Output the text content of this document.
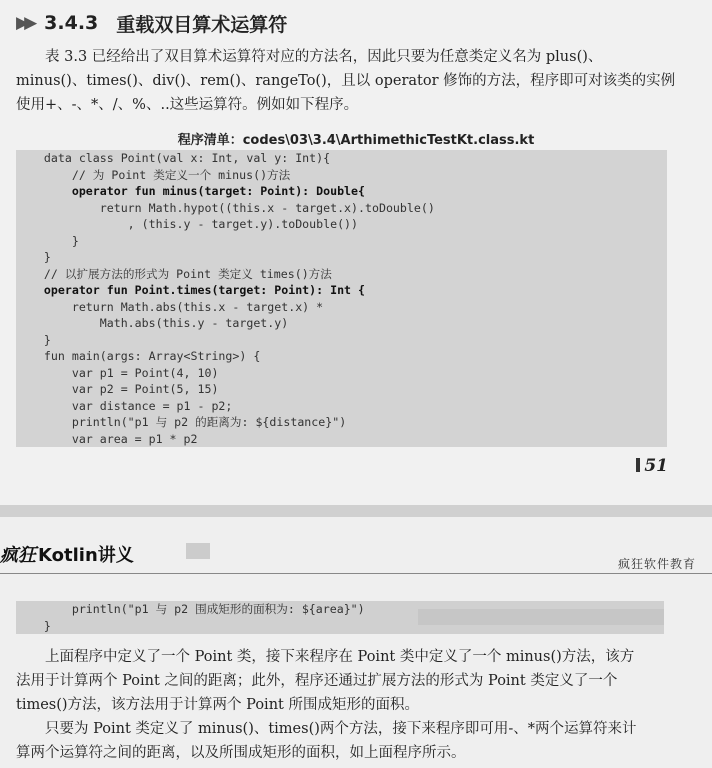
▶▶ 3.4.3 重载双目算术运算符
表 3.3 已经给出了双目算术运算符对应的方法名，因此只要为任意类定义名为 plus()、
minus()、times()、div()、rem()、rangeTo()，且以 operator 修饰的方法，程序即可对该类的实例
使用+、-、*、/、%、..这些运算符。例如如下程序。
程序清单：codes\03\3.4\ArthimethicTestKt.class.kt
data class Point(val x: Int, val y: Int){
// 为 Point 类定义一个 minus()方法
operator fun minus(target: Point): Double{
return Math.hypot((this.x - target.x).toDouble()
, (this.y - target.y).toDouble())
}
}
// 以扩展方法的形式为 Point 类定义 times()方法
operator fun Point.times(target: Point): Int {
return Math.abs(this.x - target.x) *
Math.abs(this.y - target.y)
}
fun main(args: Array<String>) {
var p1 = Point(4, 10)
var p2 = Point(5, 15)
var distance = p1 - p2;
println("p1 与 p2 的距离为: ${distance}")
var area = p1 * p2
51
疯狂 Kotlin 讲义	疯狂软件教育
println("p1 与 p2 围成矩形的面积为: ${area}")
}
上面程序中定义了一个 Point 类，接下来程序在 Point 类中定义了一个 minus()方法，该方
法用于计算两个 Point 之间的距离；此外，程序还通过扩展方法的形式为 Point 类定义了一个
times()方法，该方法用于计算两个 Point 所围成矩形的面积。
只要为 Point 类定义了 minus()、times()两个方法，接下来程序即可用-、*两个运算符来计
算两个运算符之间的距离，以及所围成矩形的面积，如上面程序所示。
